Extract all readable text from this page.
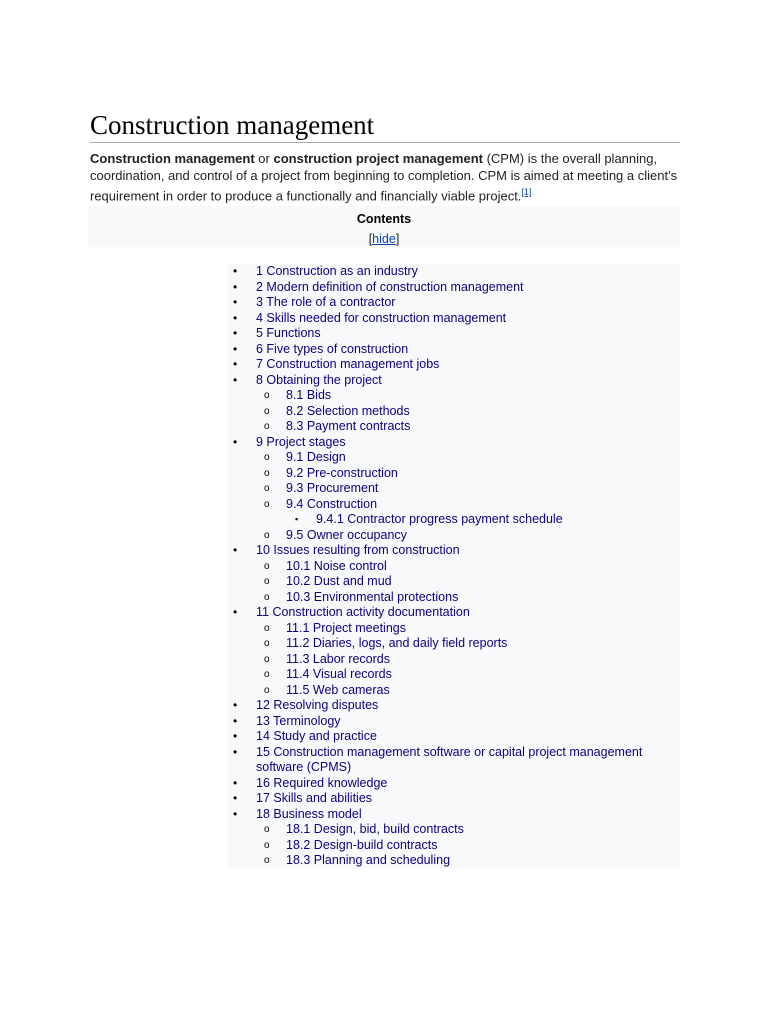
Construction management

Construction management or construction project management (CPM) is the overall planning, coordination, and control of a project from beginning to completion. CPM is aimed at meeting a client's requirement in order to produce a functionally and financially viable project.[1]

Contents
[hide]
• 1 Construction as an industry
• 2 Modern definition of construction management
• 3 The role of a contractor
• 4 Skills needed for construction management
• 5 Functions
• 6 Five types of construction
• 7 Construction management jobs
• 8 Obtaining the project
o 8.1 Bids
o 8.2 Selection methods
o 8.3 Payment contracts
• 9 Project stages
o 9.1 Design
o 9.2 Pre-construction
o 9.3 Procurement
o 9.4 Construction
▪ 9.4.1 Contractor progress payment schedule
o 9.5 Owner occupancy
• 10 Issues resulting from construction
o 10.1 Noise control
o 10.2 Dust and mud
o 10.3 Environmental protections
• 11 Construction activity documentation
o 11.1 Project meetings
o 11.2 Diaries, logs, and daily field reports
o 11.3 Labor records
o 11.4 Visual records
o 11.5 Web cameras
• 12 Resolving disputes
• 13 Terminology
• 14 Study and practice
• 15 Construction management software or capital project management software (CPMS)
• 16 Required knowledge
• 17 Skills and abilities
• 18 Business model
o 18.1 Design, bid, build contracts
o 18.2 Design-build contracts
o 18.3 Planning and scheduling
